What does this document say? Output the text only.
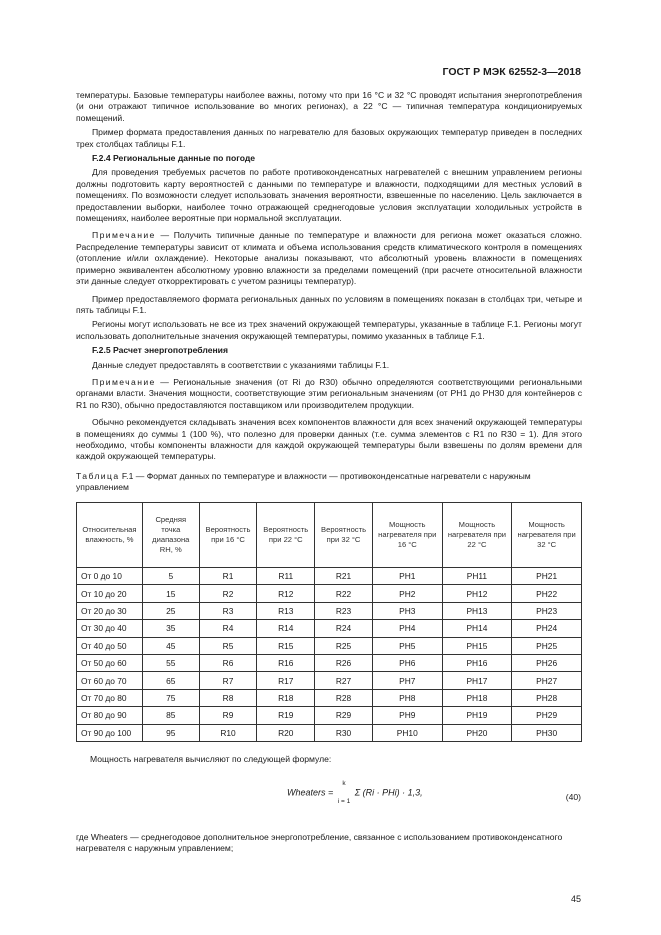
ГОСТ Р МЭК 62552-3—2018

температуры. Базовые температуры наиболее важны, потому что при 16 °С и 32 °С проводят испытания энергопотребления (и они отражают типичное использование во многих регионах), а 22 °С — типичная температура кондиционируемых помещений.

Пример формата предоставления данных по нагревателю для базовых окружающих температур приведен в последних трех столбцах таблицы F.1.

F.2.4 Региональные данные по погоде

Для проведения требуемых расчетов по работе противоконденсатных нагревателей с внешним управлением регионы должны подготовить карту вероятностей с данными по температуре и влажности, подходящими для местных условий в помещениях. По возможности следует использовать значения вероятности, взвешенные по населению. Цель заключается в предоставлении выборки, наиболее точно отражающей среднегодовые условия эксплуатации холодильных устройств в помещениях, наиболее вероятные при нормальной эксплуатации.

Примечание — Получить типичные данные по температуре и влажности для региона может оказаться сложно. Распределение температуры зависит от климата и объема использования средств климатического контроля в помещениях (отопление и/или охлаждение). Некоторые анализы показывают, что абсолютный уровень влажности в помещениях примерно эквивалентен абсолютному уровню влажности за пределами помещений (при расчете относительной влажности эти данные следует откорректировать с учетом разницы температур).

Пример предоставляемого формата региональных данных по условиям в помещениях показан в столбцах три, четыре и пять таблицы F.1.

Регионы могут использовать не все из трех значений окружающей температуры, указанные в таблице F.1. Регионы могут использовать дополнительные значения окружающей температуры, помимо указанных в таблице F.1.

F.2.5 Расчет энергопотребления

Данные следует предоставлять в соответствии с указаниями таблицы F.1.

Примечание — Региональные значения (от Ri до R30) обычно определяются соответствующими региональными органами власти. Значения мощности, соответствующие этим региональным значениям (от PH1 до PH30 для контейнеров с R1 по R30), обычно предоставляются поставщиком или производителем продукции.

Обычно рекомендуется складывать значения всех компонентов влажности для всех значений окружающей температуры в помещениях до суммы 1 (100 %), что полезно для проверки данных (т.е. сумма элементов с R1 по R30 = 1). Для этого необходимо, чтобы компоненты влажности для каждой окружающей температуры были взвешены по долям времени для каждой окружающей температуры.

Таблица F.1 — Формат данных по температуре и влажности — противоконденсатные нагреватели с наружным управлением
Относительная влажность, %	Средняя точка диапазона RH, %	Вероятность при 16 °С	Вероятность при 22 °С	Вероятность при 32 °С	Мощность нагревателя при 16 °С	Мощность нагревателя при 22 °С	Мощность нагревателя при 32 °С
От 0 до 10	5	R1	R11	R21	PH1	PH11	PH21
От 10 до 20	15	R2	R12	R22	PH2	PH12	PH22
От 20 до 30	25	R3	R13	R23	PH3	PH13	PH23
От 30 до 40	35	R4	R14	R24	PH4	PH14	PH24
От 40 до 50	45	R5	R15	R25	PH5	PH15	PH25
От 50 до 60	55	R6	R16	R26	PH6	PH16	PH26
От 60 до 70	65	R7	R17	R27	PH7	PH17	PH27
От 70 до 80	75	R8	R18	R28	PH8	PH18	PH28
От 80 до 90	85	R9	R19	R29	PH9	PH19	PH29
От 90 до 100	95	R10	R20	R30	PH10	PH20	PH30
Мощность нагревателя вычисляют по следующей формуле:
Wheaters =
k
i = 1
Σ (Ri · PHi) · 1,3,	(40)
где Wheaters — среднегодовое дополнительное энергопотребление, связанное с использованием противоконденсатного нагревателя с наружным управлением;
45
